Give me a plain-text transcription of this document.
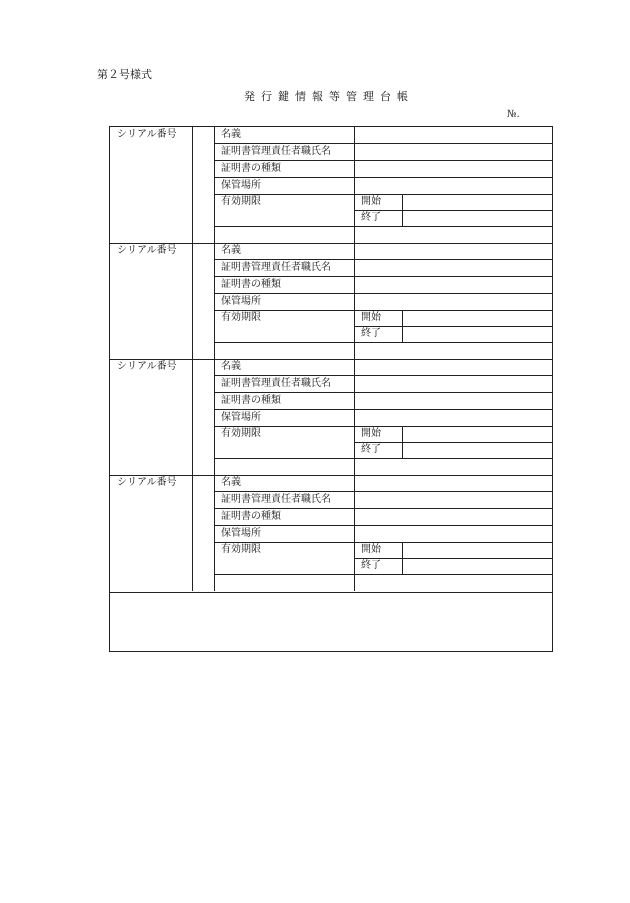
第２号様式
発行鍵情報等管理台帳
№.
シリアル番号	名義
証明書管理責任者職氏名
証明書の種類
保管場所
有効期限	開始
終了
シリアル番号	名義
証明書管理責任者職氏名
証明書の種類
保管場所
有効期限	開始
終了
シリアル番号	名義
証明書管理責任者職氏名
証明書の種類
保管場所
有効期限	開始
終了
シリアル番号	名義
証明書管理責任者職氏名
証明書の種類
保管場所
有効期限	開始
終了
